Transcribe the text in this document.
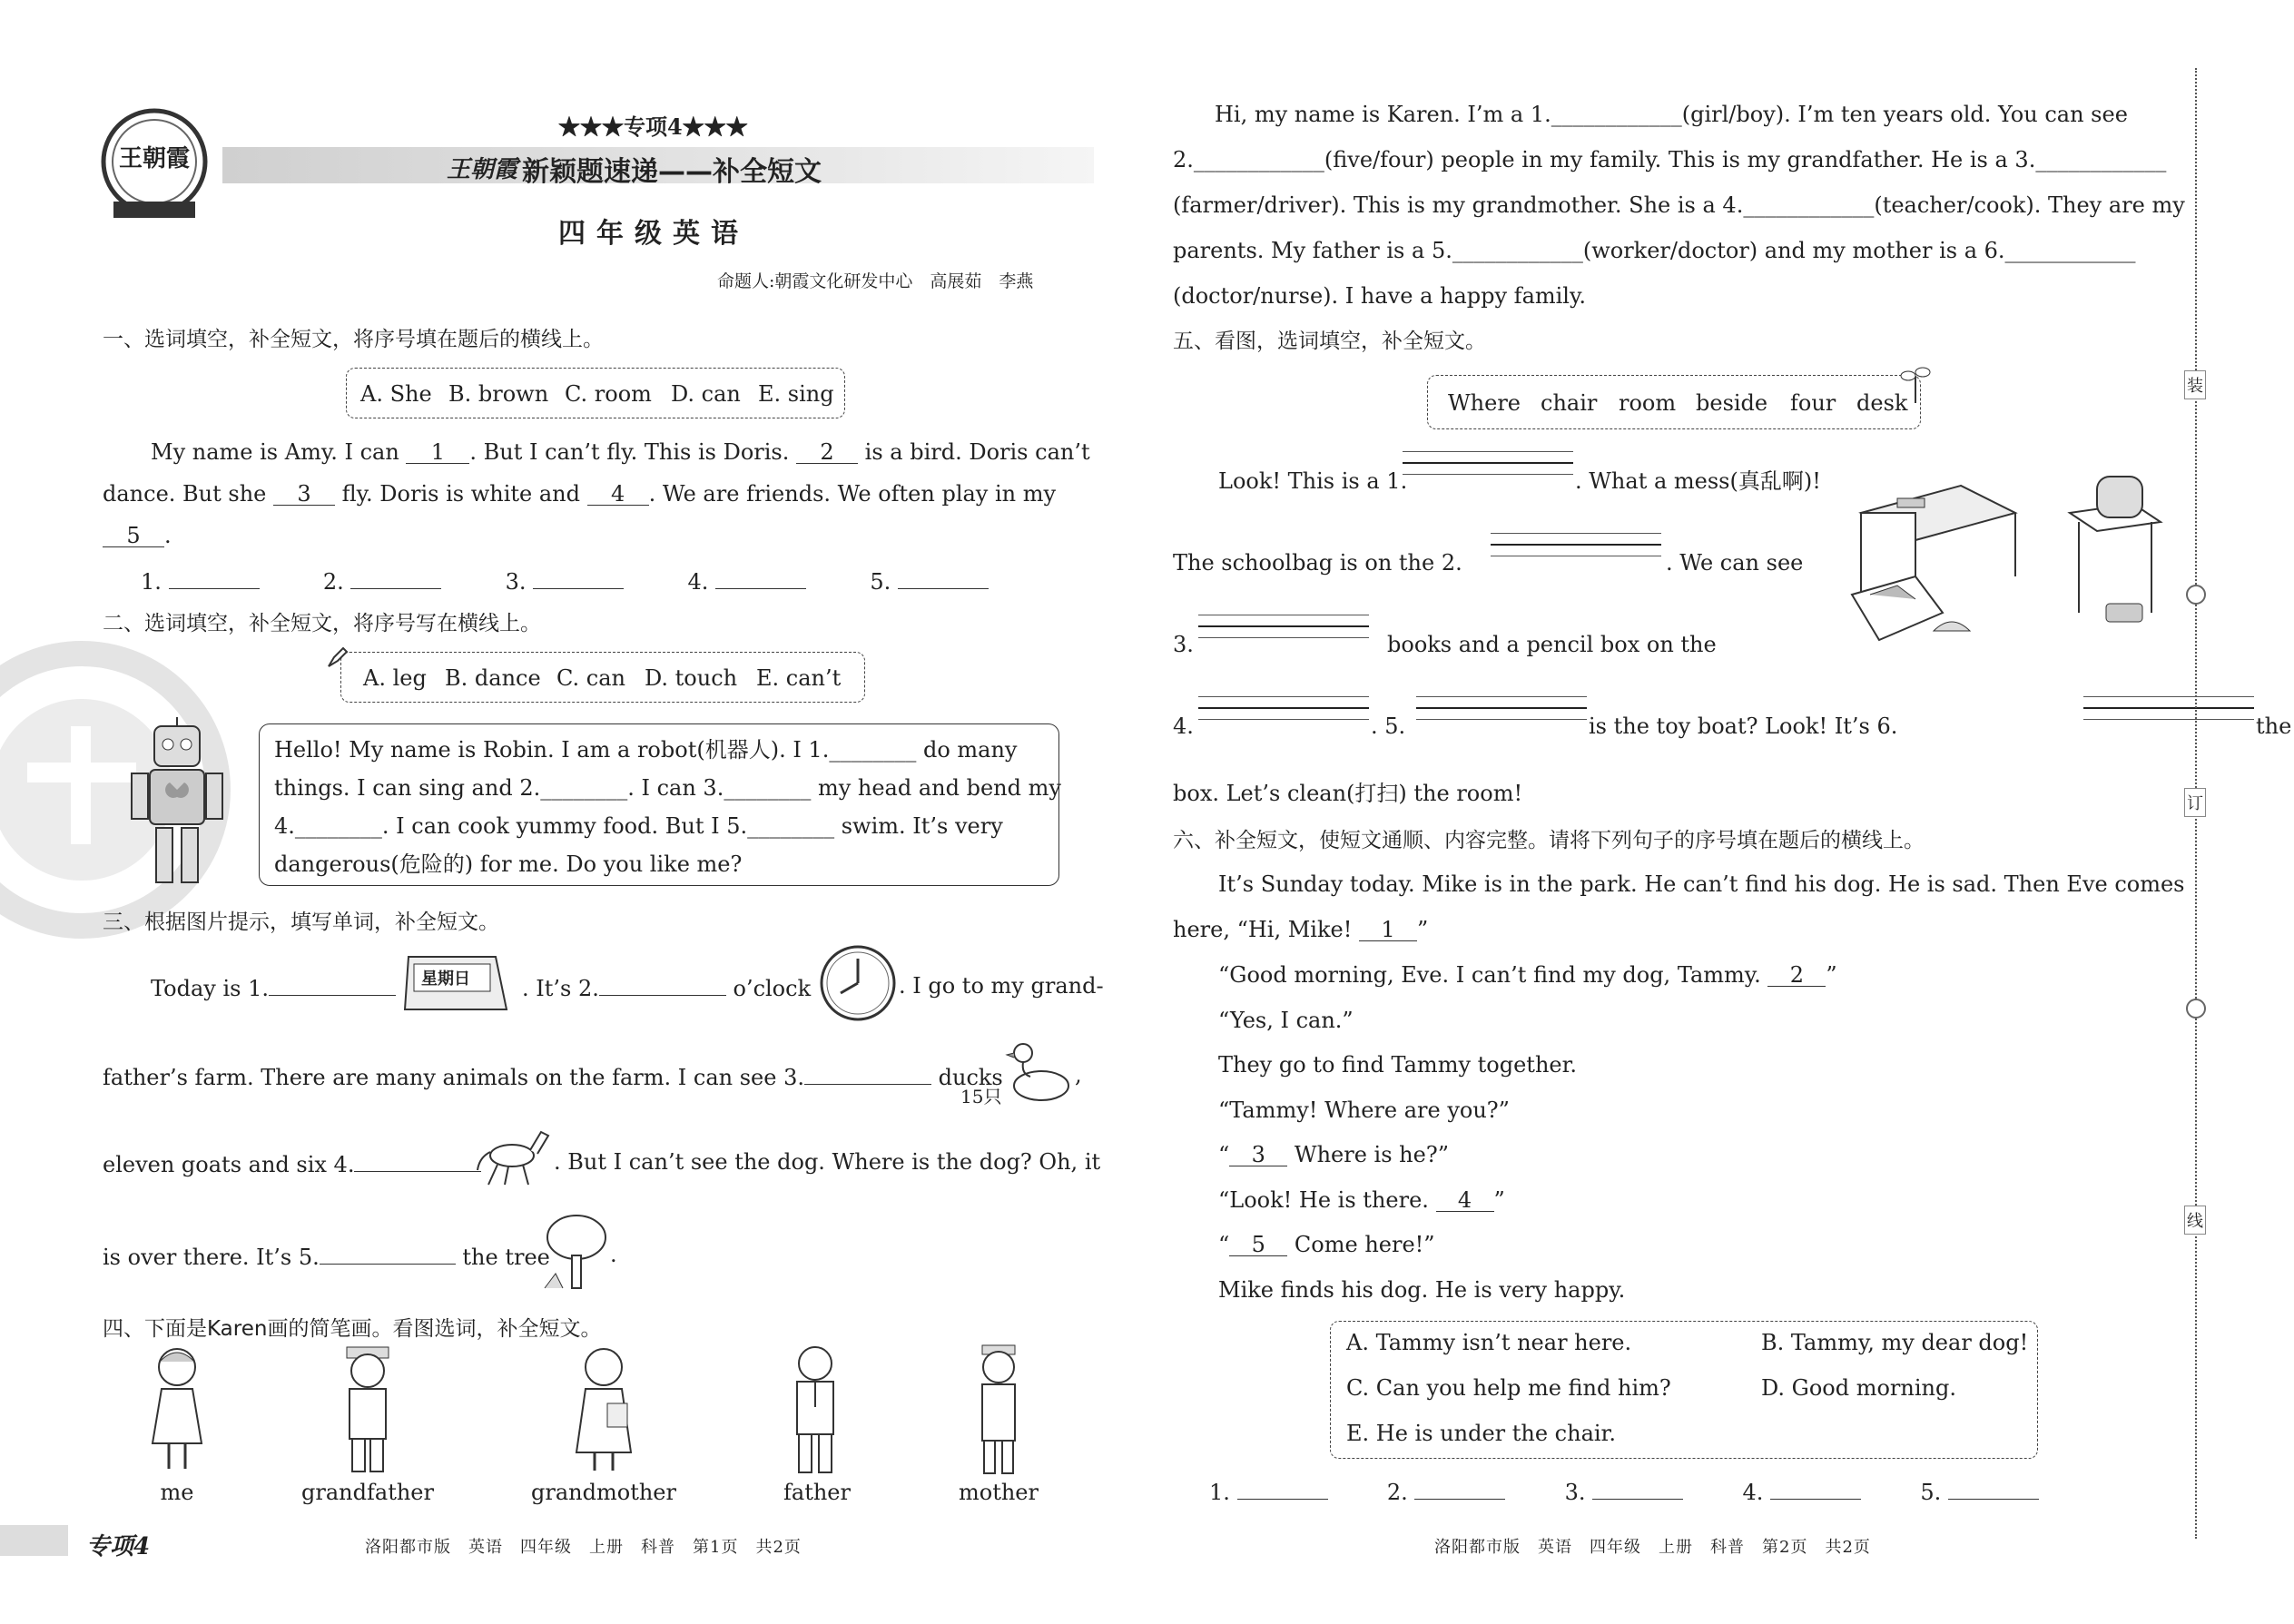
王朝霞
★★★专项4★★★
王朝霞 新颖题速递——补全短文
四年级英语
命题人:朝霞文化研发中心　高展茹　李燕
一、选词填空，补全短文，将序号填在题后的横线上。
A. She B. brown C. room D. can E. sing
My name is Amy. I can 1 . But I can’t fly. This is Doris. 2 is a bird. Doris can’t
dance. But she 3 fly. Doris is white and 4 . We are friends. We often play in my
5 .
1.	2.	3.	4.	5.
二、选词填空，补全短文，将序号写在横线上。
A. leg B. dance C. can D. touch E. can’t
Hello! My name is Robin. I am a robot(机器人). I 1.________ do many
things. I can sing and 2.________. I can 3.________ my head and bend my
4.________. I can cook yummy food. But I 5.________ swim. It’s very
dangerous(危险的) for me. Do you like me?
三、根据图片提示，填写单词，补全短文。
Today is 1.	星期日 . It’s 2.	o’clock	. I go to my grand-
father’s farm. There are many animals on the farm. I can see 3.	ducks
15只
,
eleven goats and six 4.	. But I can’t see the dog. Where is the dog? Oh, it
is over there. It’s 5.	the tree	.
四、下面是Karen画的简笔画。看图选词，补全短文。
me	grandfather	grandmother	father	mother
专项4	洛阳都市版　英语　四年级　上册　科普　第1页　共2页
Hi, my name is Karen. I’m a 1.____________(girl/boy). I’m ten years old. You can see
2.____________(five/four) people in my family. This is my grandfather. He is a 3.____________
(farmer/driver). This is my grandmother. She is a 4.____________(teacher/cook). They are my
parents. My father is a 5.____________(worker/doctor) and my mother is a 6.____________
(doctor/nurse). I have a happy family.
五、看图，选词填空，补全短文。
Where chair room beside four desk
Look! This is a 1.	. What a mess(真乱啊)!
The schoolbag is on the 2.	. We can see
3.	books and a pencil box on the
4.	. 5.	is the toy boat? Look! It’s 6.	the
box. Let’s clean(打扫) the room!
六、补全短文，使短文通顺、内容完整。请将下列句子的序号填在题后的横线上。
It’s Sunday today. Mike is in the park. He can’t find his dog. He is sad. Then Eve comes
here, “Hi, Mike! 1 ”
“Good morning, Eve. I can’t find my dog, Tammy. 2 ”
“Yes, I can.”
They go to find Tammy together.
“Tammy! Where are you?”
“ 3 Where is he?”
“Look! He is there. 4 ”
“ 5 Come here!”
Mike finds his dog. He is very happy.
A. Tammy isn’t near here.	B. Tammy, my dear dog!
C. Can you help me find him?	D. Good morning.
E. He is under the chair.
1.	2.	3.	4.	5.
洛阳都市版　英语　四年级　上册　科普　第2页　共2页
装
订
线
